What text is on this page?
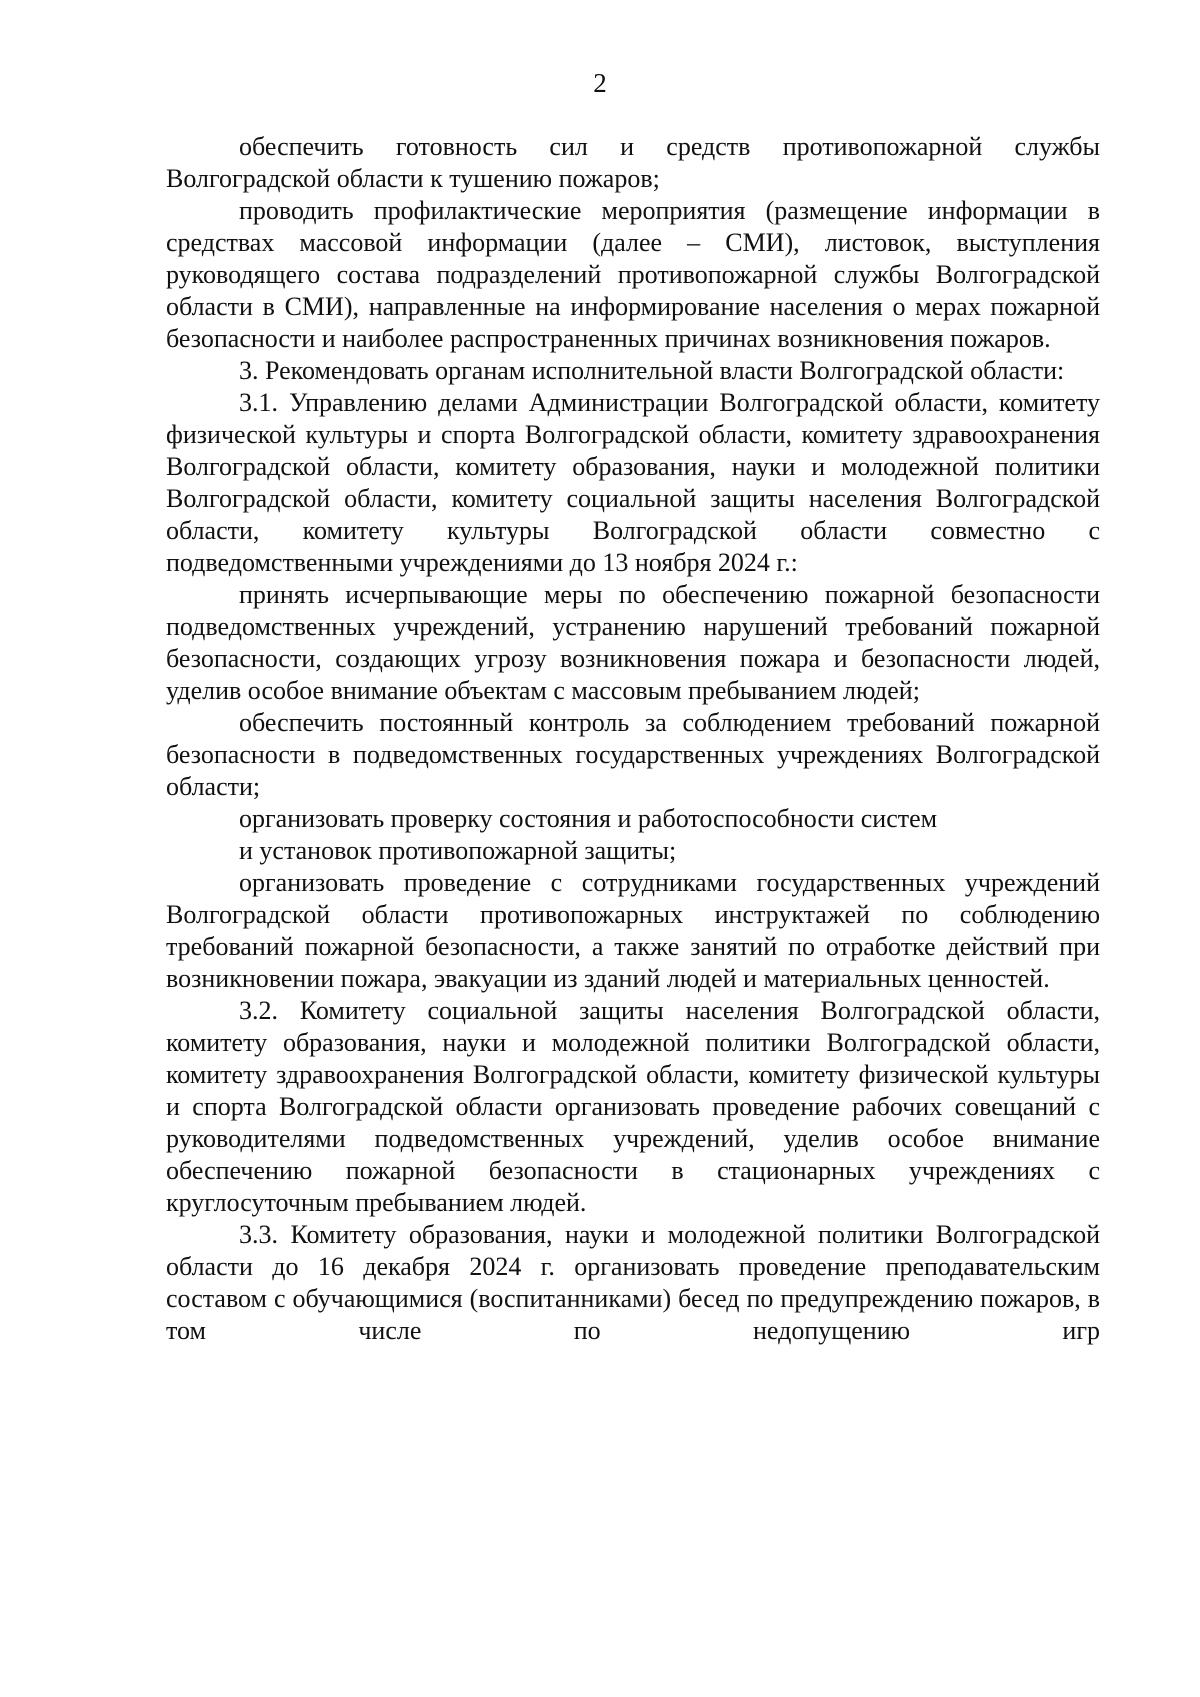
2

обеспечить готовность сил и средств противопожарной службы Волгоградской области к тушению пожаров;

проводить профилактические мероприятия (размещение информации в средствах массовой информации (далее – СМИ), листовок, выступления руководящего состава подразделений противопожарной службы Волгоградской области в СМИ), направленные на информирование населения о мерах пожарной безопасности и наиболее распространенных причинах возникновения пожаров.

3. Рекомендовать органам исполнительной власти Волгоградской области:

3.1. Управлению делами Администрации Волгоградской области, комитету физической культуры и спорта Волгоградской области, комитету здравоохранения Волгоградской области, комитету образования, науки и молодежной политики Волгоградской области, комитету социальной защиты населения Волгоградской области, комитету культуры Волгоградской области совместно с подведомственными учреждениями до 13 ноября 2024 г.:

принять исчерпывающие меры по обеспечению пожарной безопасности подведомственных учреждений, устранению нарушений требований пожарной безопасности, создающих угрозу возникновения пожара и безопасности людей, уделив особое внимание объектам с массовым пребыванием людей;

обеспечить постоянный контроль за соблюдением требований пожарной безопасности в подведомственных государственных учреждениях Волгоградской области;

организовать проверку состояния и работоспособности систем

и установок противопожарной защиты;

организовать проведение с сотрудниками государственных учреждений Волгоградской области противопожарных инструктажей по соблюдению требований пожарной безопасности, а также занятий по отработке действий при возникновении пожара, эвакуации из зданий людей и материальных ценностей.

3.2. Комитету социальной защиты населения Волгоградской области, комитету образования, науки и молодежной политики Волгоградской области, комитету здравоохранения Волгоградской области, комитету физической культуры и спорта Волгоградской области организовать проведение рабочих совещаний с руководителями подведомственных учреждений, уделив особое внимание обеспечению пожарной безопасности в стационарных учреждениях с круглосуточным пребыванием людей.

3.3. Комитету образования, науки и молодежной политики Волгоградской области до 16 декабря 2024 г. организовать проведение преподавательским составом с обучающимися (воспитанниками) бесед по предупреждению пожаров, в том числе по недопущению игр
